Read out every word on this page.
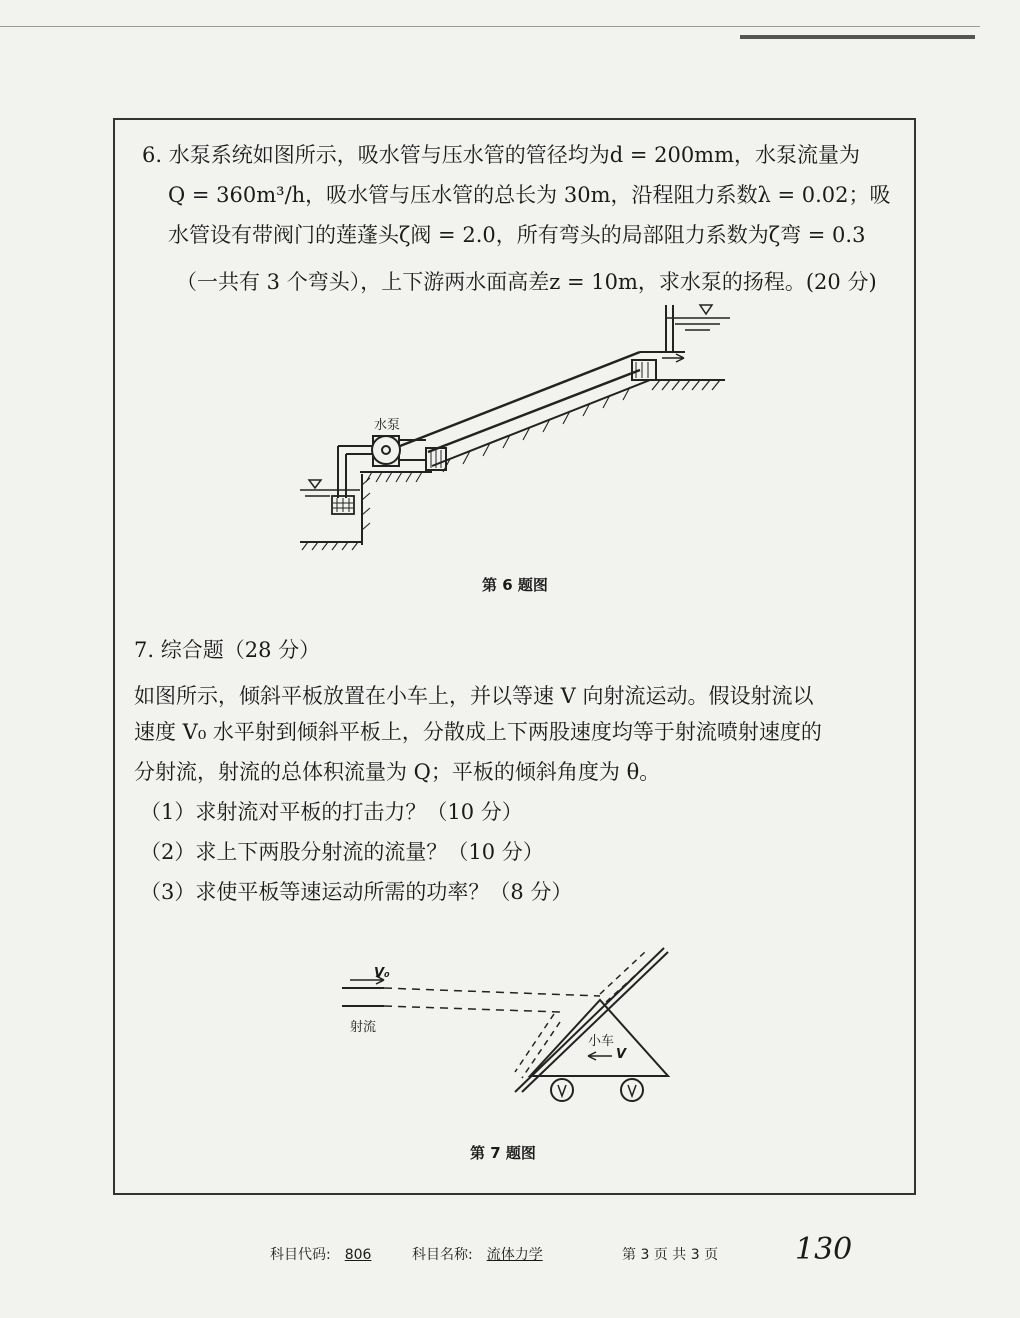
6. 水泵系统如图所示，吸水管与压水管的管径均为d = 200mm，水泵流量为
Q = 360m³/h，吸水管与压水管的总长为 30m，沿程阻力系数λ = 0.02；吸
水管设有带阀门的莲蓬头ζ阀 = 2.0，所有弯头的局部阻力系数为ζ弯 = 0.3
（一共有 3 个弯头），上下游两水面高差z = 10m，求水泵的扬程。(20 分)
水泵
第 6 题图
7. 综合题（28 分）
如图所示，倾斜平板放置在小车上，并以等速 V 向射流运动。假设射流以
速度 V₀ 水平射到倾斜平板上，分散成上下两股速度均等于射流喷射速度的
分射流，射流的总体积流量为 Q；平板的倾斜角度为 θ。
（1）求射流对平板的打击力？（10 分）
（2）求上下两股分射流的流量？（10 分）
（3）求使平板等速运动所需的功率？（8 分）
V₀
射流
小车
V
第 7 题图
科目代码: 806	科目名称: 流体力学	第 3 页 共 3 页	130
